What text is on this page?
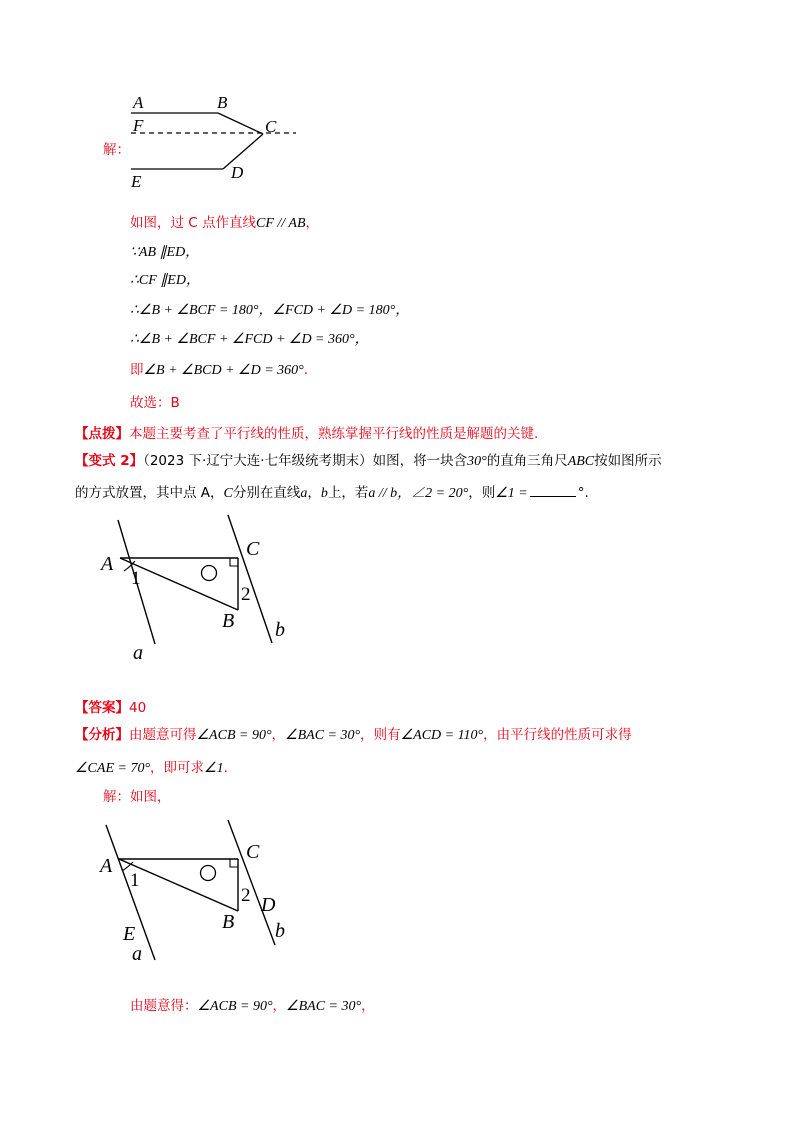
A	B
C
F
D
E
解：
如图，过 C 点作直线CF // AB，
∵AB ∥ED，
∴CF ∥ED，
∴∠B + ∠BCF = 180°，∠FCD + ∠D = 180°，
∴∠B + ∠BCF + ∠FCD + ∠D = 360°，
即∠B + ∠BCD + ∠D = 360°.
故选：B
【点拨】本题主要考查了平行线的性质，熟练掌握平行线的性质是解题的关键.
【变式 2】（2023 下·辽宁大连·七年级统考期末）如图，将一块含30°的直角三角尺ABC按如图所示
的方式放置，其中点 A，C分别在直线a，b上，若a // b，∠2 = 20°，则∠1 =	°.
A
C
B b
a
1
2
【答案】40
【分析】由题意可得∠ACB = 90°，∠BAC = 30°，则有∠ACD = 110°，由平行线的性质可求得
∠CAE = 70°，即可求∠1.
解：如图，
A
C
B
D
b
E
a
1
2
由题意得：∠ACB = 90°，∠BAC = 30°，
